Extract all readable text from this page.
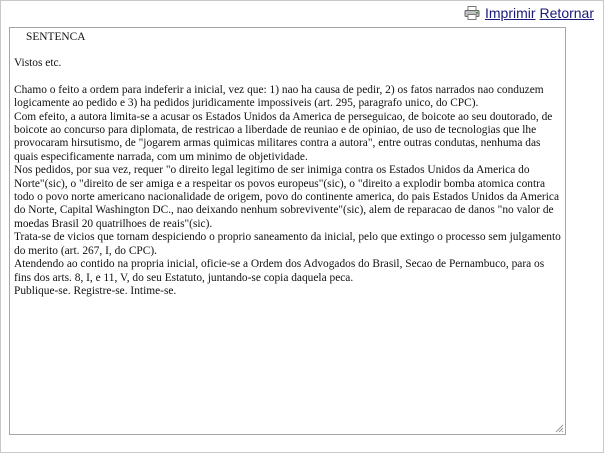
Imprimir Retornar
SENTENCA

Vistos etc.

Chamo o feito a ordem para indeferir a inicial, vez que: 1) nao ha causa de pedir, 2) os fatos narrados nao conduzem logicamente ao pedido e 3) ha pedidos juridicamente impossiveis (art. 295, paragrafo unico, do CPC).

Com efeito, a autora limita-se a acusar os Estados Unidos da America de perseguicao, de boicote ao seu doutorado, de boicote ao concurso para diplomata, de restricao a liberdade de reuniao e de opiniao, de uso de tecnologias que lhe provocaram hirsutismo, de "jogarem armas quimicas militares contra a autora", entre outras condutas, nenhuma das quais especificamente narrada, com um minimo de objetividade.

Nos pedidos, por sua vez, requer "o direito legal legitimo de ser inimiga contra os Estados Unidos da America do Norte"(sic), o "direito de ser amiga e a respeitar os povos europeus"(sic), o "direito a explodir bomba atomica contra todo o povo norte americano nacionalidade de origem, povo do continente america, do pais Estados Unidos da America do Norte, Capital Washington DC., nao deixando nenhum sobrevivente"(sic), alem de reparacao de danos "no valor de moedas Brasil 20 quatrilhoes de reais"(sic).

Trata-se de vicios que tornam despiciendo o proprio saneamento da inicial, pelo que extingo o processo sem julgamento do merito (art. 267, I, do CPC).

Atendendo ao contido na propria inicial, oficie-se a Ordem dos Advogados do Brasil, Secao de Pernambuco, para os fins dos arts. 8, I, e 11, V, do seu Estatuto, juntando-se copia daquela peca.

Publique-se. Registre-se. Intime-se.
